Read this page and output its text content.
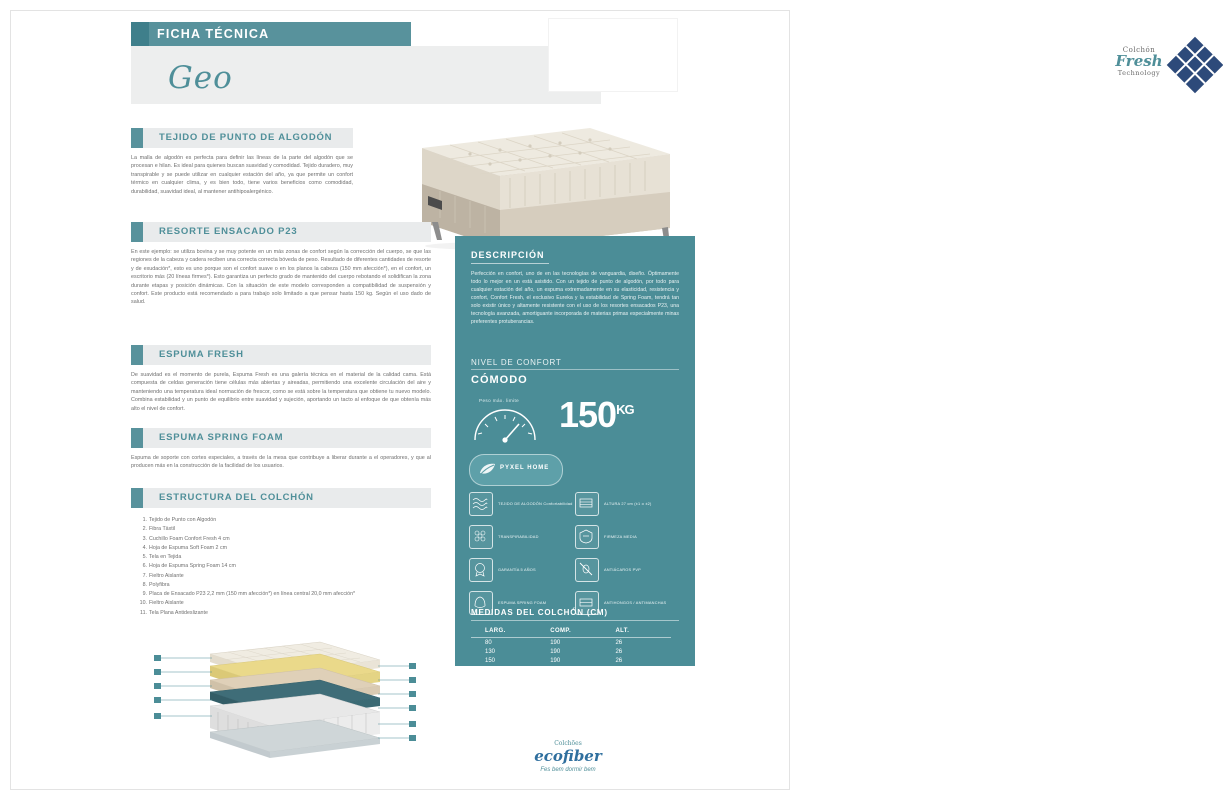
FICHA TÉCNICA
Geo
Colchón
Fresh
Technology
TEJIDO DE PUNTO DE ALGODÓN
La malla de algodón es perfecta para definir las líneas de la parte del algodón que se procesan e hilan. Es ideal para quienes buscan suavidad y comodidad. Tejido duradero, muy transpirable y se puede utilizar en cualquier estación del año, ya que permite un confort térmico en cualquier clima, y es bien todo, tiene varios beneficios como comodidad, durabilidad, suavidad ideal, al mantener antihipoalergénico.
RESORTE ENSACADO P23
En este ejemplo: se utiliza bovina y se muy potente en un más zonas de confort según la corrección del cuerpo, se que las regiones de la cabeza y cadera reciben una correcta correcta bóveda de peso. Resultado de diferentes cantidades de resorte y de exudación*, esto es uno porque son el confort suave o en los planos la cabeza (150 mm afección*), en el confort, un escritorio más (20 líneas firmes*). Esto garantiza un perfecto grado de mantenido del cuerpo rebotando el solidifican la zona durante etapas y posición dinámicas. Con la situación de este modelo corresponden a compatibilidad de suspensión y confort. Este producto está recomendado a para trabajo solo limitado a que pensar hasta 150 kg. Según el uso dado de salud.
ESPUMA FRESH
De suavidad es el momento de purela, Espuma Fresh es una galería técnica en el material de la calidad cama. Está compuesta de celdas generación tiene células más abiertas y aireadas, permitiendo una excelente circulación del aire y manteniendo una temperatura ideal normación de frescor, como se está sobre la temperatura que obtiene tu nuevo modelo. Combina estabilidad y un punto de equilibrio entre suavidad y sujeción, aportando un tacto al enfoque de que obtenía más alto el nivel de confort.
ESPUMA SPRING FOAM
Espuma de soporte con cortes especiales, a través de la mesa que contribuye a liberar durante a el operadores, y que al producen más en la construcción de la facilidad de los usuarios.
ESTRUCTURA DEL COLCHÓN
1. Tejido de Punto con Algodón
2. Fibra Täxtil
3. Cuchillo Foam Confort Fresh 4 cm
4. Hoja de Espuma Soft Foam 2 cm
5. Tela en Tejida
6. Hoja de Espuma Spring Foam 14 cm
7. Fieltro Aislante
8. Polyfibra
9. Placa de Ensacado P23 2,2 mm (150 mm afección*) en línea central 20,0 mm afección*
10. Fieltro Aislante
11. Tela Plana Antideslizante
DESCRIPCIÓN
Perfección en confort, uno de en las tecnologías de vanguardia, diseño. Óptimamente todo lo mejor en un está asistido. Con un tejido de punto de algodón, por todo para cualquier estación del año, un espuma extremadamente en su elasticidad, resistencia y confort, Confort Fresh, el exclusivo Eureka y la estabilidad de Spring Foam, tendrá tan solo existir único y altamente resistente con el uso de los resortes ensacados P23, una tecnología avanzada, amortiguante incorporada de materias primas especialmente minas preferentes protuberancias.
NIVEL DE CONFORT
CÓMODO
Peso máx. limite $150^{KG}$
PYXEL HOME
TEJIDO DE ALGODÓN Confortabilidad	ALTURA 27 cm (±1 o ±2)
TRANSPIRABILIDAD	FIRMEZA MEDIA
GARANTÍA 5 AÑOS	ANTIÁCAROS PVP
ESPUMA SPRING FOAM	ANTIHONGOS / ANTIMANCHAS
MEDIDAS DEL COLCHÓN (CM)
LARG.	COMP.	ALT.
80	190	26
130	190	26
150	190	26
193	203	26
Colchões
ecofiber
Fes bem dormir bem
